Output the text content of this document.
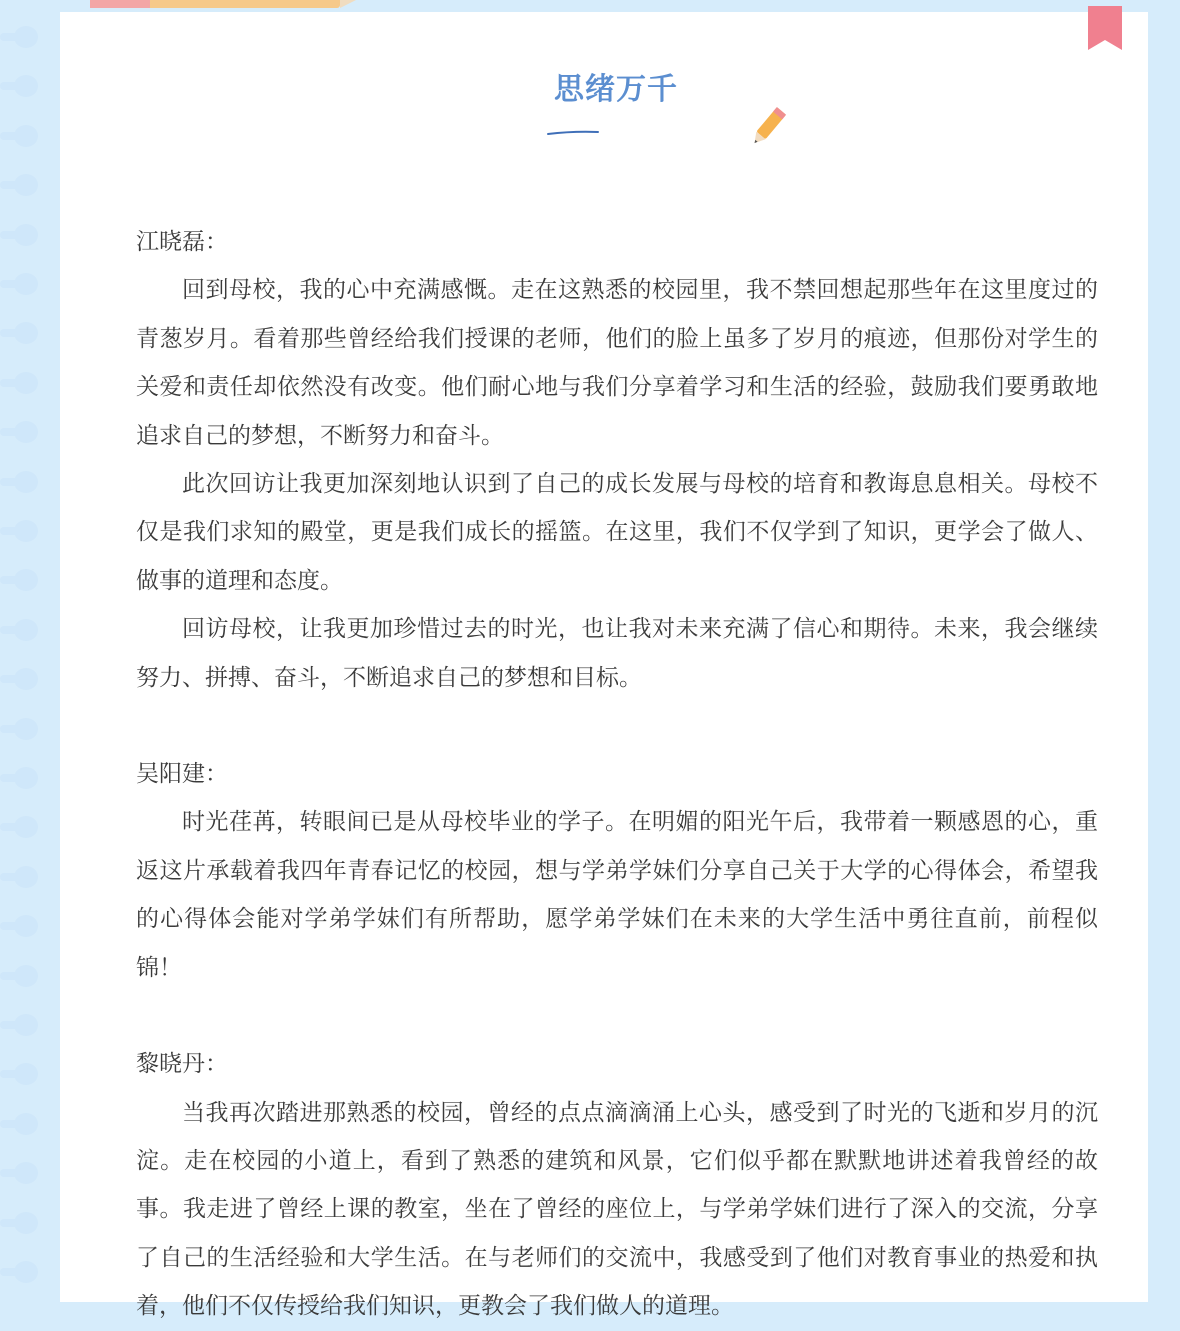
思绪万千

江晓磊：

回到母校，我的心中充满感慨。走在这熟悉的校园里，我不禁回想起那些年在这里度过的青葱岁月。看着那些曾经给我们授课的老师，他们的脸上虽多了岁月的痕迹，但那份对学生的关爱和责任却依然没有改变。他们耐心地与我们分享着学习和生活的经验，鼓励我们要勇敢地追求自己的梦想，不断努力和奋斗。

此次回访让我更加深刻地认识到了自己的成长发展与母校的培育和教诲息息相关。母校不仅是我们求知的殿堂，更是我们成长的摇篮。在这里，我们不仅学到了知识，更学会了做人、做事的道理和态度。

回访母校，让我更加珍惜过去的时光，也让我对未来充满了信心和期待。未来，我会继续努力、拼搏、奋斗，不断追求自己的梦想和目标。

吴阳建：

时光荏苒，转眼间已是从母校毕业的学子。在明媚的阳光午后，我带着一颗感恩的心，重返这片承载着我四年青春记忆的校园，想与学弟学妹们分享自己关于大学的心得体会，希望我的心得体会能对学弟学妹们有所帮助，愿学弟学妹们在未来的大学生活中勇往直前，前程似锦！

黎晓丹：

当我再次踏进那熟悉的校园，曾经的点点滴滴涌上心头，感受到了时光的飞逝和岁月的沉淀。走在校园的小道上，看到了熟悉的建筑和风景，它们似乎都在默默地讲述着我曾经的故事。我走进了曾经上课的教室，坐在了曾经的座位上，与学弟学妹们进行了深入的交流，分享了自己的生活经验和大学生活。在与老师们的交流中，我感受到了他们对教育事业的热爱和执着，他们不仅传授给我们知识，更教会了我们做人的道理。
